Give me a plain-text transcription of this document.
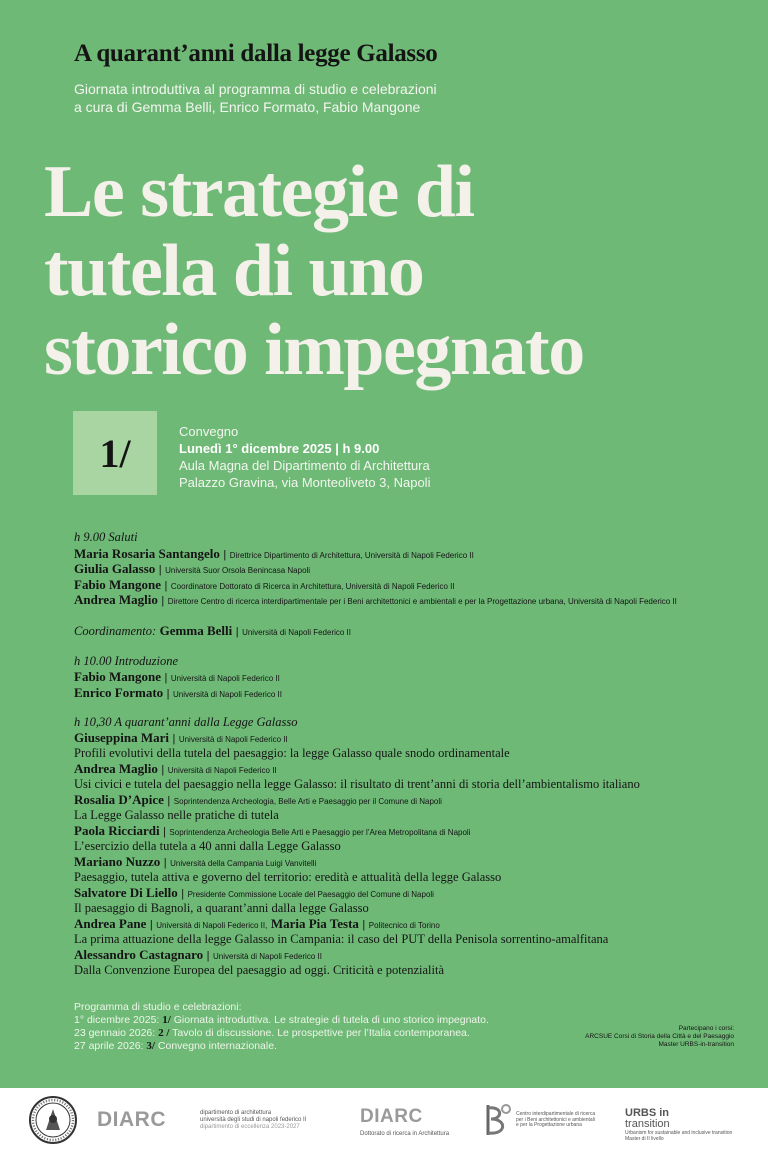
A quarant’anni dalla legge Galasso
Giornata introduttiva al programma di studio e celebrazioni
a cura di Gemma Belli, Enrico Formato, Fabio Mangone
Le strategie di
tutela di uno
storico impegnato
1/	Convegno
Lunedì 1° dicembre 2025 | h 9.00
Palazzo Gravina, via Monteoliveto 3, Napoli
Aula Magna del Dipartimento di Architettura
h 9.00 Saluti
Maria Rosaria Santangelo | Direttrice Dipartimento di Architettura, Università di Napoli Federico II
Giulia Galasso | Università Suor Orsola Benincasa Napoli
Fabio Mangone | Coordinatore Dottorato di Ricerca in Architettura, Università di Napoli Federico II
Andrea Maglio | Direttore Centro di ricerca interdipartimentale per i Beni architettonici e ambientali e per la Progettazione urbana, Università di Napoli Federico II
Coordinamento: Gemma Belli | Università di Napoli Federico II
h 10.00 Introduzione
Fabio Mangone | Università di Napoli Federico II
Enrico Formato | Università di Napoli Federico II
h 10,30 A quarant’anni dalla Legge Galasso
Giuseppina Mari | Università di Napoli Federico II
Profili evolutivi della tutela del paesaggio: la legge Galasso quale snodo ordinamentale
Andrea Maglio | Università di Napoli Federico II
Usi civici e tutela del paesaggio nella legge Galasso: il risultato di trent’anni di storia dell’ambientalismo italiano
Rosalia D’Apice | Soprintendenza Archeologia, Belle Arti e Paesaggio per il Comune di Napoli
La Legge Galasso nelle pratiche di tutela
Paola Ricciardi | Soprintendenza Archeologia Belle Arti e Paesaggio per l’Area Metropolitana di Napoli
L’esercizio della tutela a 40 anni dalla Legge Galasso
Mariano Nuzzo | Università della Campania Luigi Vanvitelli
Paesaggio, tutela attiva e governo del territorio: eredità e attualità della legge Galasso
Salvatore Di Liello | Presidente Commissione Locale del Paesaggio del Comune di Napoli
Il paesaggio di Bagnoli, a quarant’anni dalla legge Galasso
Andrea Pane | Università di Napoli Federico II, Maria Pia Testa | Politecnico di Torino
La prima attuazione della legge Galasso in Campania: il caso del PUT della Penisola sorrentino-amalfitana
Alessandro Castagnaro | Università di Napoli Federico II
Dalla Convenzione Europea del paesaggio ad oggi. Criticità e potenzialità
Programma di studio e celebrazioni:
1° dicembre 2025: 1/ Giornata introduttiva. Le strategie di tutela di uno storico impegnato.
23 gennaio 2026: 2 / Tavolo di discussione. Le prospettive per l’Italia contemporanea.
27 aprile 2026: 3/ Convegno internazionale.
Partecipano i corsi:
ARCSUE Corsi di Storia della Città e del Paesaggio
Master URBS-in-transition
DIARC	dipartimento di architettura
università degli studi di napoli federico II
dipartimento di eccellenza 2023-2027	DIARC
Dottorato di ricerca in Architettura
Centro interdipartimentale di ricerca
per i Beni architettonici e ambientali
e per la Progettazione urbana
URBS in
transition
Urbanism for sustainable and inclusive transition
Master di II livello
